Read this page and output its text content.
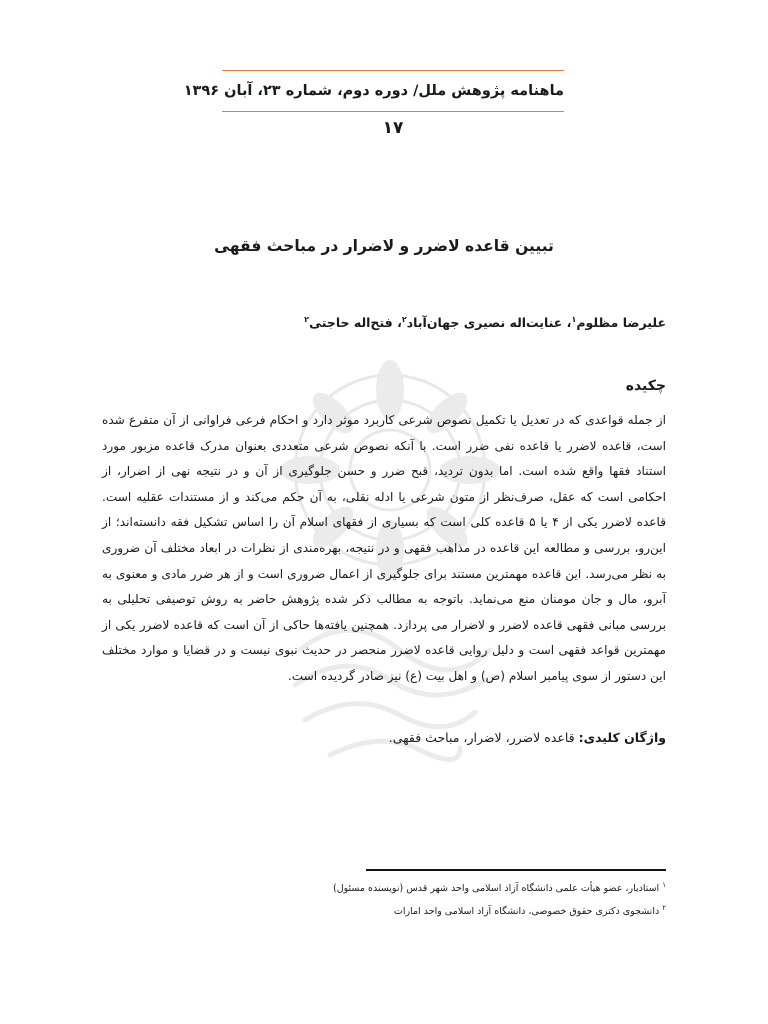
ماهنامه پژوهش ملل/ دوره دوم، شماره ۲۳، آبان ۱۳۹۶
۱۷
تبیین قاعده لاضرر و لاضرار در مباحث فقهی
علیرضا مظلوم$^۱$، عنایت‌اله نصیری جهان‌آباد$^۲$، فتح‌اله حاجتی$^۲$
چکیده
از جمله قواعدی که در تعدیل یا تکمیل نصوص شرعی کاربرد موثر دارد و احکام فرعی فراوانی از آن متفرع شده است، قاعده لاضرر یا قاعده نفی ضرر است. با آنکه نصوص شرعی متعددی بعنوان مدرک قاعده مزبور مورد استناد فقها واقع شده است. اما بدون تردید، قبح ضرر و حسن جلوگیری از آن و در نتیجه نهی از اضرار، از احکامی است که عقل، صرف‌نظر از متون شرعی یا ادله نقلی، به آن حکم می‌کند و از مستندات عقلیه است. قاعده لاضرر یکی از ۴ یا ۵ قاعده کلی است که بسیاری از فقهای اسلام آن را اساس تشکیل فقه دانسته‌اند؛ از این‌رو، بررسی و مطالعه این قاعده در مذاهب فقهی و در نتیجه، بهره‌مندی از نظرات در ابعاد مختلف آن ضروری به نظر می‌رسد. این قاعده مهمترین مستند برای جلوگیری از اعمال ضروری است و از هر ضرر مادی و معنوی به آبرو، مال و جان مومنان منع می‌نماید. باتوجه به مطالب ذکر شده پژوهش حاضر به روش توصیفی تحلیلی به بررسی مبانی فقهی قاعده لاضرر و لاضرار می پردازد. همچنین یافته‌ها حاکی از آن است که قاعده لاضرر یکی از مهمترین قواعد فقهی است و دلیل روایی قاعده لاضرر منحصر در حدیث نبوی نیست و در قضایا و موارد مختلف این دستور از سوی پیامبر اسلام (ص) و اهل بیت (ع) نیز صادر گردیده است.
واژگان کلیدی: قاعده لاضرر، لاضرار، مباحث فقهی.
$^۱$ استادیار، عضو هیأت علمی دانشگاه آزاد اسلامی واحد شهر قدس (نویسنده مسئول)
$^۲$ دانشجوی دکتری حقوق خصوصی، دانشگاه آزاد اسلامی واحد امارات
